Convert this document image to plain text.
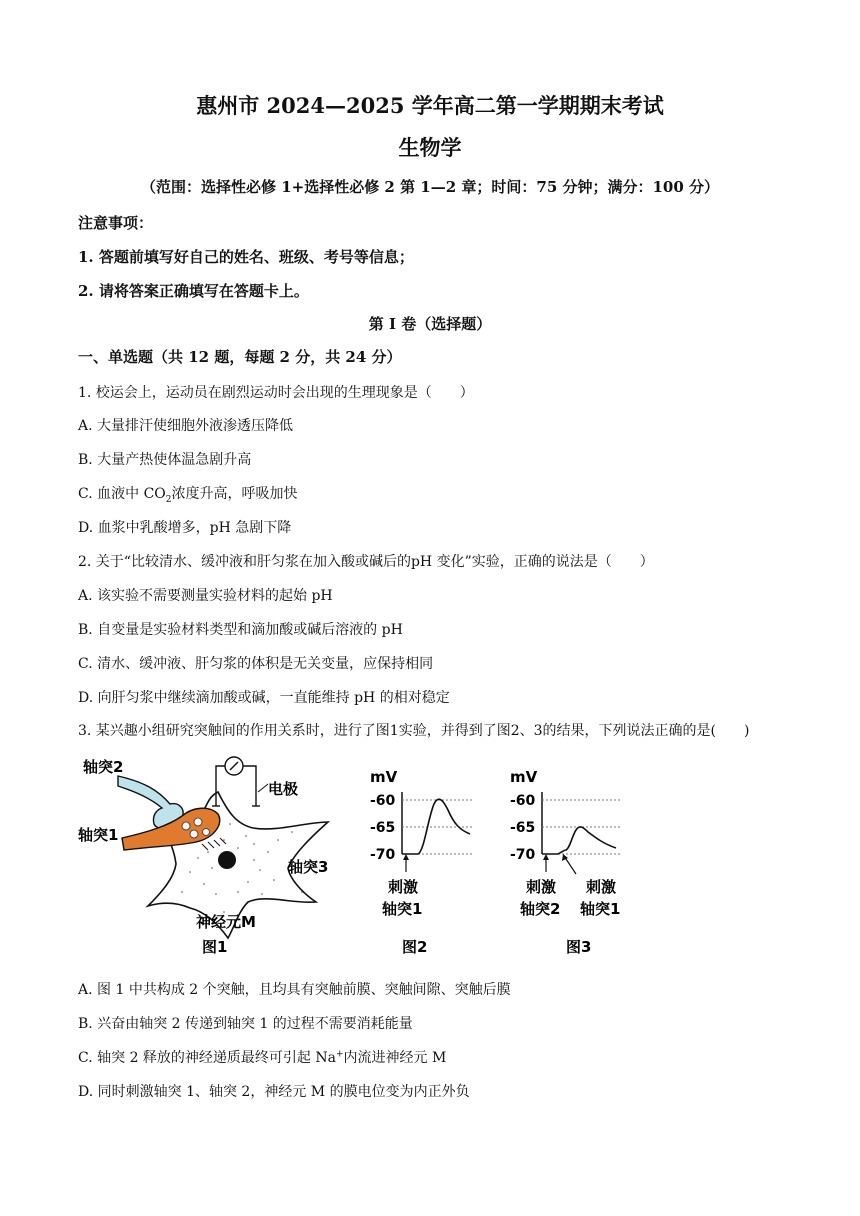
惠州市 2024—2025 学年高二第一学期期末考试
生物学
（范围：选择性必修 1+选择性必修 2 第 1—2 章；时间：75 分钟；满分：100 分）
注意事项：
1. 答题前填写好自己的姓名、班级、考号等信息；
2. 请将答案正确填写在答题卡上。
第 I 卷（选择题）
一、单选题（共 12 题，每题 2 分，共 24 分）
1. 校运会上，运动员在剧烈运动时会出现的生理现象是（　　）
A. 大量排汗使细胞外液渗透压降低
B. 大量产热使体温急剧升高
C. 血液中 $CO_2$浓度升高，呼吸加快
D. 血浆中乳酸增多，pH 急剧下降
2. 关于“比较清水、缓冲液和肝匀浆在加入酸或碱后的pH 变化”实验，正确的说法是（　　）
A. 该实验不需要测量实验材料的起始 pH
B. 自变量是实验材料类型和滴加酸或碱后溶液的 pH
C. 清水、缓冲液、肝匀浆的体积是无关变量，应保持相同
D. 向肝匀浆中继续滴加酸或碱，一直能维持 pH 的相对稳定
3. 某兴趣小组研究突触间的作用关系时，进行了图1实验，并得到了图2、3的结果，下列说法正确的是(　　)
轴突2
轴突1
电极
轴突3
神经元M
图1
mV
-60
-65
-70
刺激
轴突1
图2
mV
-60
-65
-70
刺激
轴突2
刺激
轴突1
图3
A. 图 1 中共构成 2 个突触，且均具有突触前膜、突触间隙、突触后膜
B. 兴奋由轴突 2 传递到轴突 1 的过程不需要消耗能量
C. 轴突 2 释放的神经递质最终可引起 Na+内流进神经元 M
D. 同时刺激轴突 1、轴突 2，神经元 M 的膜电位变为内正外负
